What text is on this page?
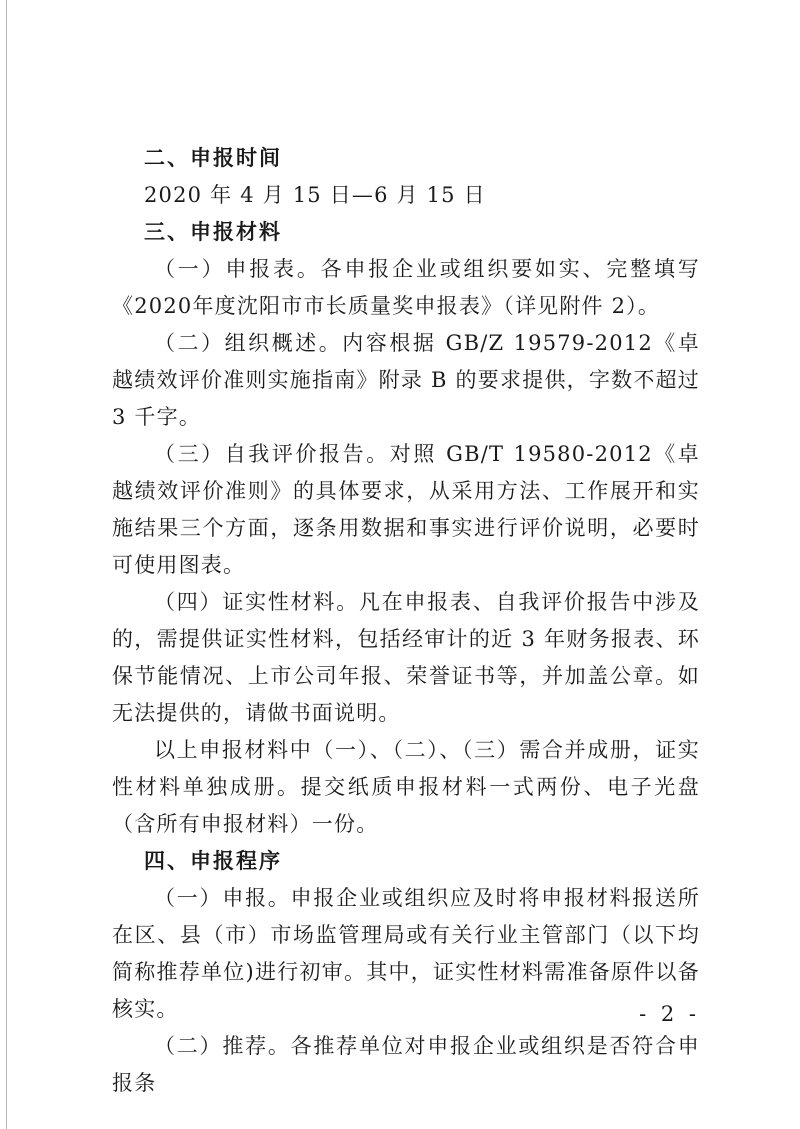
二、申报时间

2020 年 4 月 15 日—6 月 15 日

三、申报材料

（一）申报表。各申报企业或组织要如实、完整填写《2020年度沈阳市市长质量奖申报表》（详见附件 2）。

（二）组织概述。内容根据 GB/Z 19579-2012《卓越绩效评价准则实施指南》附录 B 的要求提供，字数不超过 3 千字。

（三）自我评价报告。对照 GB/T 19580-2012《卓越绩效评价准则》的具体要求，从采用方法、工作展开和实施结果三个方面，逐条用数据和事实进行评价说明，必要时可使用图表。

（四）证实性材料。凡在申报表、自我评价报告中涉及的，需提供证实性材料，包括经审计的近 3 年财务报表、环保节能情况、上市公司年报、荣誉证书等，并加盖公章。如无法提供的，请做书面说明。

以上申报材料中（一）、（二）、（三）需合并成册，证实性材料单独成册。提交纸质申报材料一式两份、电子光盘（含所有申报材料）一份。

四、申报程序

（一）申报。申报企业或组织应及时将申报材料报送所在区、县（市）市场监管理局或有关行业主管部门（以下均简称推荐单位)进行初审。其中，证实性材料需准备原件以备核实。

（二）推荐。各推荐单位对申报企业或组织是否符合申报条

- 2 -
